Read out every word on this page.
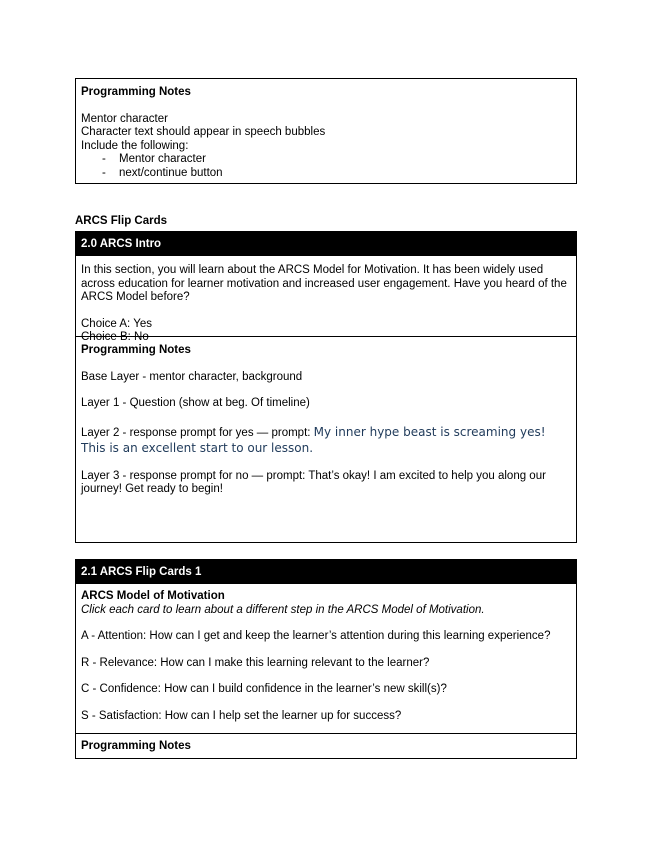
Programming Notes
Mentor character
Character text should appear in speech bubbles
Include the following:
- Mentor character
- next/continue button
ARCS Flip Cards
2.0 ARCS Intro
In this section, you will learn about the ARCS Model for Motivation. It has been widely used across education for learner motivation and increased user engagement. Have you heard of the ARCS Model before?
Choice A: Yes
Choice B: No
Programming Notes
Base Layer - mentor character, background
Layer 1 - Question (show at beg. Of timeline)
Layer 2 - response prompt for yes — prompt: My inner hype beast is screaming yes! This is an excellent start to our lesson.
Layer 3 - response prompt for no — prompt: That’s okay! I am excited to help you along our journey! Get ready to begin!
2.1 ARCS Flip Cards 1
ARCS Model of Motivation
Click each card to learn about a different step in the ARCS Model of Motivation.
A - Attention: How can I get and keep the learner’s attention during this learning experience?
R - Relevance: How can I make this learning relevant to the learner?
C - Confidence: How can I build confidence in the learner’s new skill(s)?
S - Satisfaction: How can I help set the learner up for success?
Programming Notes
